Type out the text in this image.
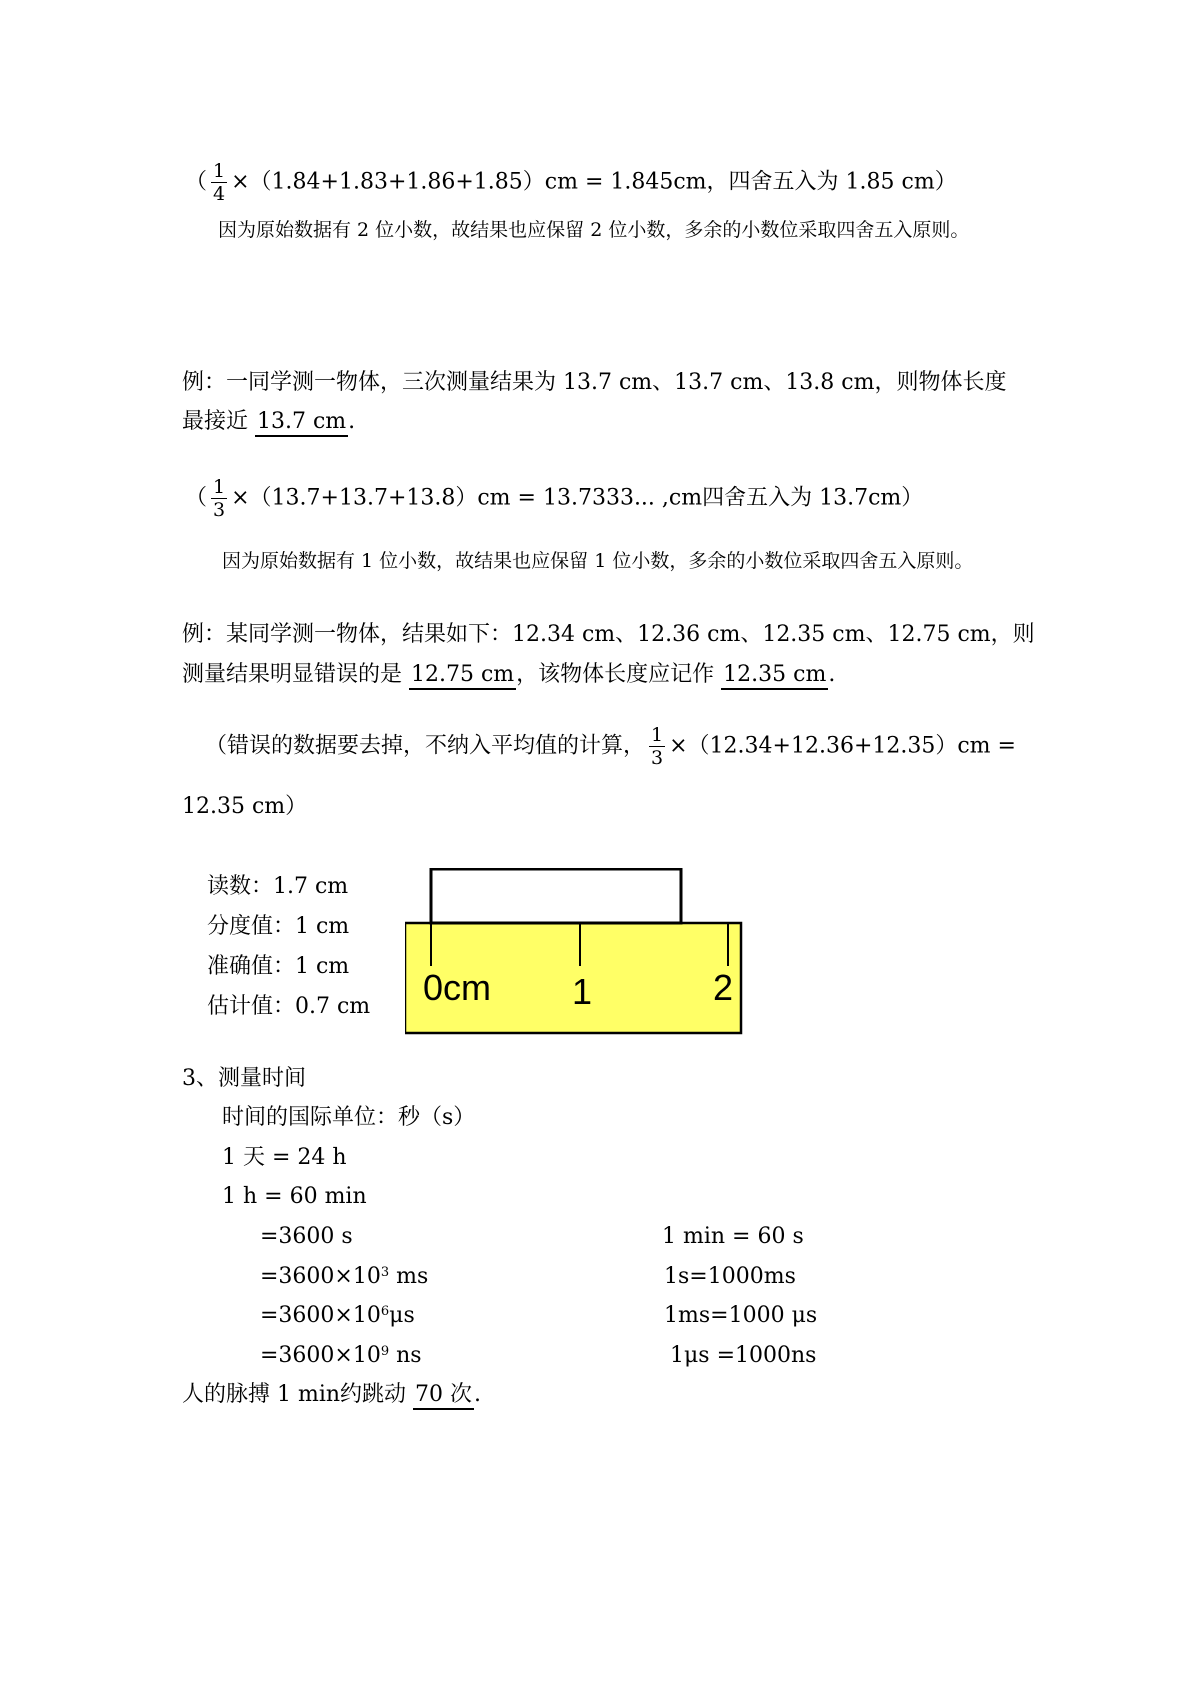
（ $\frac{1}{4} \times(1.84+1.83+1.86+1.85)cm = 1.845cm$，四舍五入为 1.85 cm）
因为原始数据有 2 位小数，故结果也应保留 2 位小数，多余的小数位采取四舍五入原则。
例：一同学测一物体，三次测量结果为 13.7 cm、13.7 cm、13.8 cm，则物体长度
最接近 13.7 cm.
（ $\frac{1}{3} \times(13.7+13.7+13.8)cm = 13.7333$... ,cm四舍五入为 13.7cm）
因为原始数据有 1 位小数，故结果也应保留 1 位小数，多余的小数位采取四舍五入原则。
例：某同学测一物体，结果如下：12.34 cm、12.36 cm、12.35 cm、12.75 cm，则
测量结果明显错误的是 12.75 cm，该物体长度应记作 12.35 cm.
（错误的数据要去掉，不纳入平均值的计算， $\frac{1}{3} \times(12.34+12.36+12.35)cm$ =
12.35 cm）
读数：1.7 cm
分度值：1 cm
准确值：1 cm
估计值：0.7 cm 0cm 1	2
3、测量时间
时间的国际单位：秒（s）
1 天 = 24 h
1 h = 60 min
=3600 s
$=3600\times 10^3$ ms
$=3600\times 10^6\mu s$
$=3600\times 10^9$ ns
1 min = 60 s
1s=1000ms
1ms=1000 μs
1μs =1000ns
人的脉搏 1 min约跳动 70 次.
